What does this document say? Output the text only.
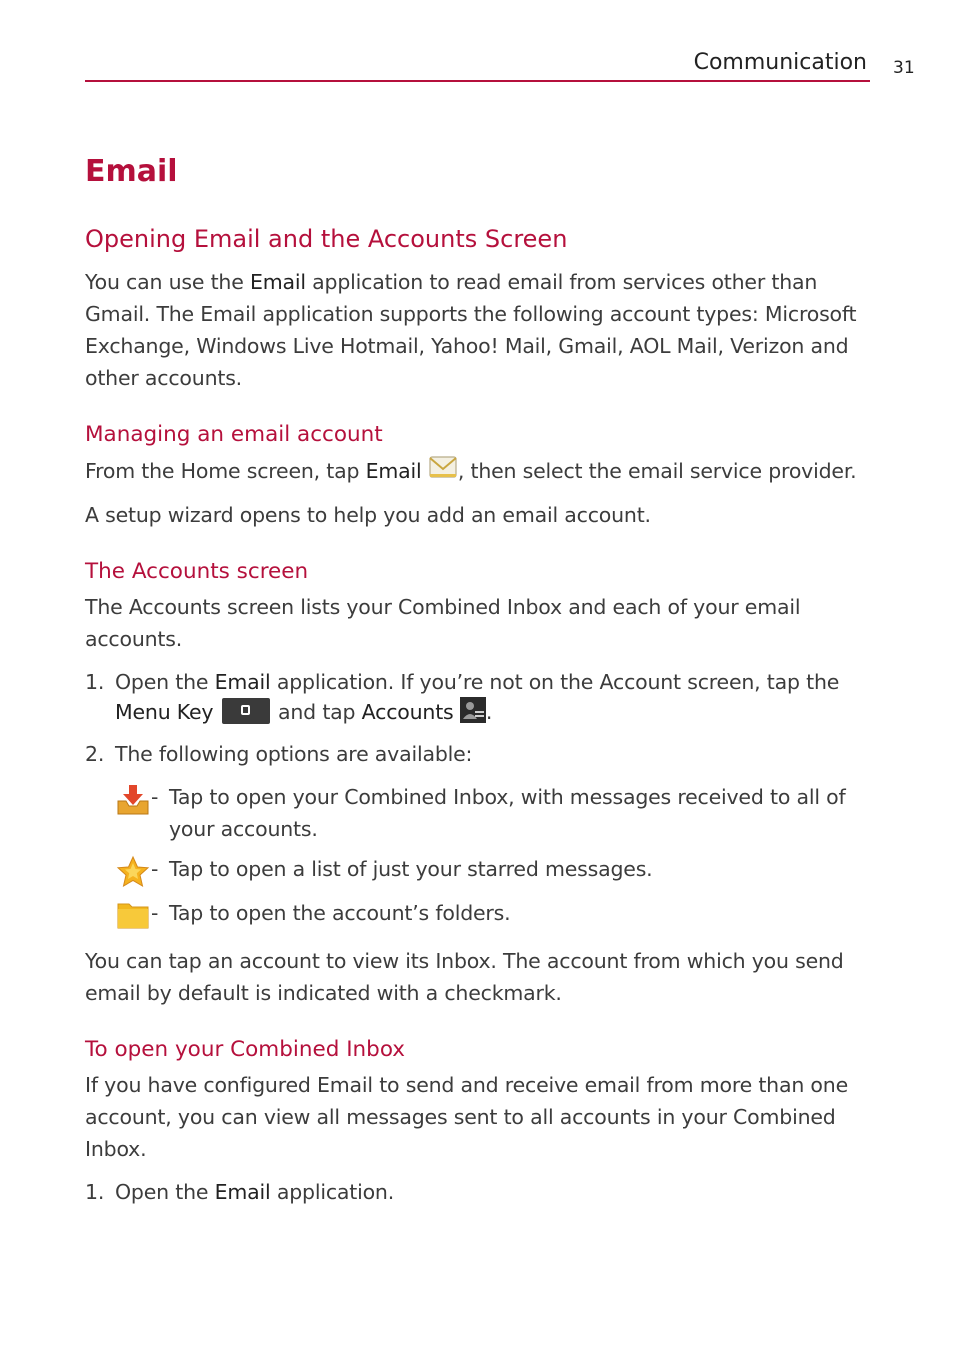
Communication 31
Email
Opening Email and the Accounts Screen

You can use the Email application to read email from services other than Gmail. The Email application supports the following account types: Microsoft Exchange, Windows Live Hotmail, Yahoo! Mail, Gmail, AOL Mail, Verizon and other accounts.

Managing an email account

From the Home screen, tap Email , then select the email service provider.

A setup wizard opens to help you add an email account.

The Accounts screen

The Accounts screen lists your Combined Inbox and each of your email accounts.

1. Open the Email application. If you’re not on the Account screen, tap the Menu Key	and tap Accounts .
2. The following options are available:
- Tap to open your Combined Inbox, with messages received to all of your accounts.
- Tap to open a list of just your starred messages.
- Tap to open the account’s folders.

You can tap an account to view its Inbox. The account from which you send email by default is indicated with a checkmark.

To open your Combined Inbox

If you have configured Email to send and receive email from more than one account, you can view all messages sent to all accounts in your Combined Inbox.

1. Open the Email application.
